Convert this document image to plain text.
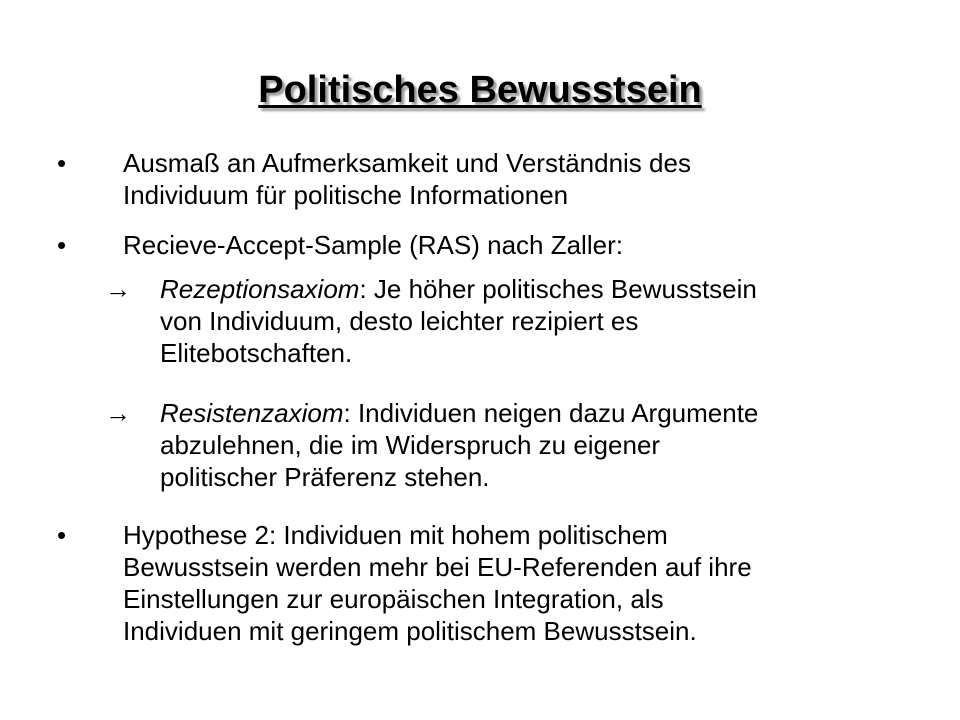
Politisches Bewusstsein
• Ausmaß an Aufmerksamkeit und Verständnis des
Individuum für politische Informationen
• Recieve-Accept-Sample (RAS) nach Zaller:
→ Rezeptionsaxiom: Je höher politisches Bewusstsein
von Individuum, desto leichter rezipiert es
Elitebotschaften.
→ Resistenzaxiom: Individuen neigen dazu Argumente
abzulehnen, die im Widerspruch zu eigener
politischer Präferenz stehen.
• Hypothese 2: Individuen mit hohem politischem
Bewusstsein werden mehr bei EU-Referenden auf ihre
Einstellungen zur europäischen Integration, als
Individuen mit geringem politischem Bewusstsein.
